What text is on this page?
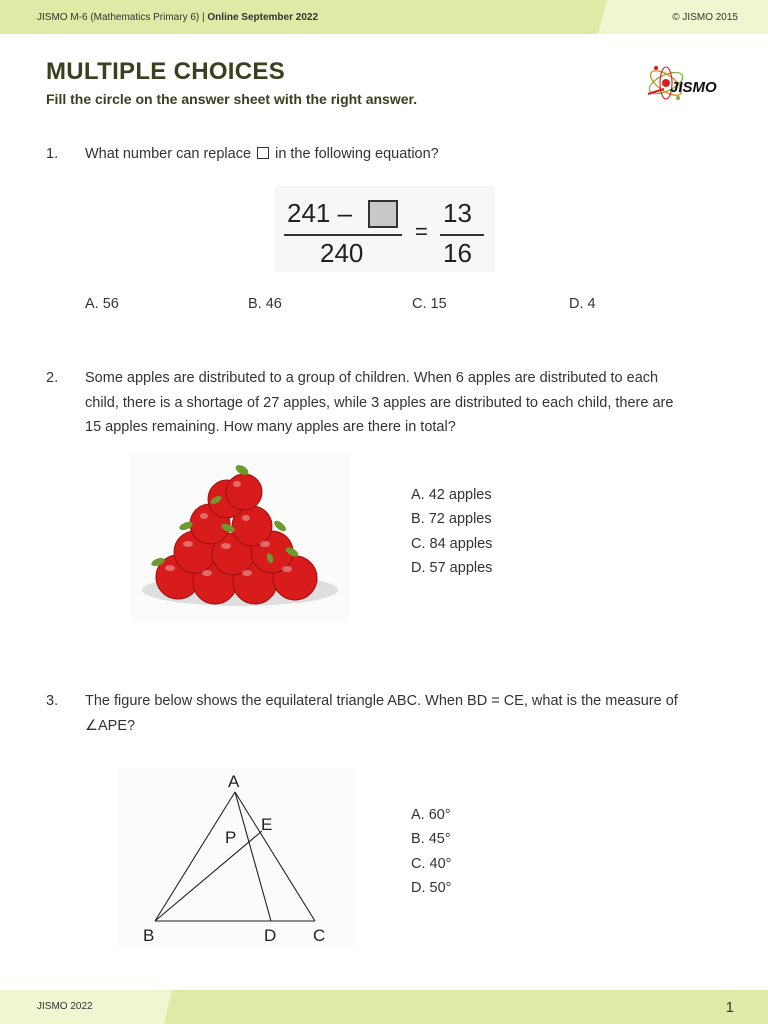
JISMO M-6 (Mathematics Primary 6) | Online September 2022	© JISMO 2015
MULTIPLE CHOICES
Fill the circle on the answer sheet with the right answer.
JISMO
1. What number can replace in the following equation?
241 –
240
=
13
16
A. 56	B. 46	C. 15	D. 4
2. Some apples are distributed to a group of children. When 6 apples are distributed to each
child, there is a shortage of 27 apples, while 3 apples are distributed to each child, there are
15 apples remaining. How many apples are there in total?
A. 42 apples
B. 72 apples
C. 84 apples
D. 57 apples
3. The figure below shows the equilateral triangle ABC. When BD = CE, what is the measure of
∠APE?
A
B	C
D
E
P
A. 60°
B. 45°
C. 40°
D. 50°
JISMO 2022	1
